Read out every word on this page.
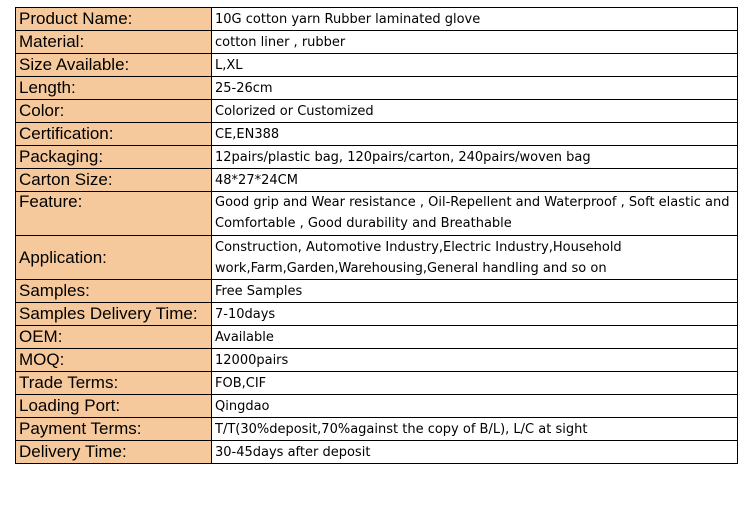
Product Name:	10G cotton yarn Rubber laminated glove
Material:	cotton liner , rubber
Size Available:	L,XL
Length:	25-26cm
Color:	Colorized or Customized
Certification:	CE,EN388
Packaging:	12pairs/plastic bag, 120pairs/carton, 240pairs/woven bag
Carton Size:	48*27*24CM
Feature:	Good grip and Wear resistance , Oil-Repellent and Waterproof , Soft elastic and Comfortable , Good durability and Breathable
Application:	Construction, Automotive Industry,Electric Industry,Household work,Farm,Garden,Warehousing,General handling and so on
Samples:	Free Samples
Samples Delivery Time:	7-10days
OEM:	Available
MOQ:	12000pairs
Trade Terms:	FOB,CIF
Loading Port:	Qingdao
Payment Terms:	T/T(30%deposit,70%against the copy of B/L), L/C at sight
Delivery Time:	30-45days after deposit
